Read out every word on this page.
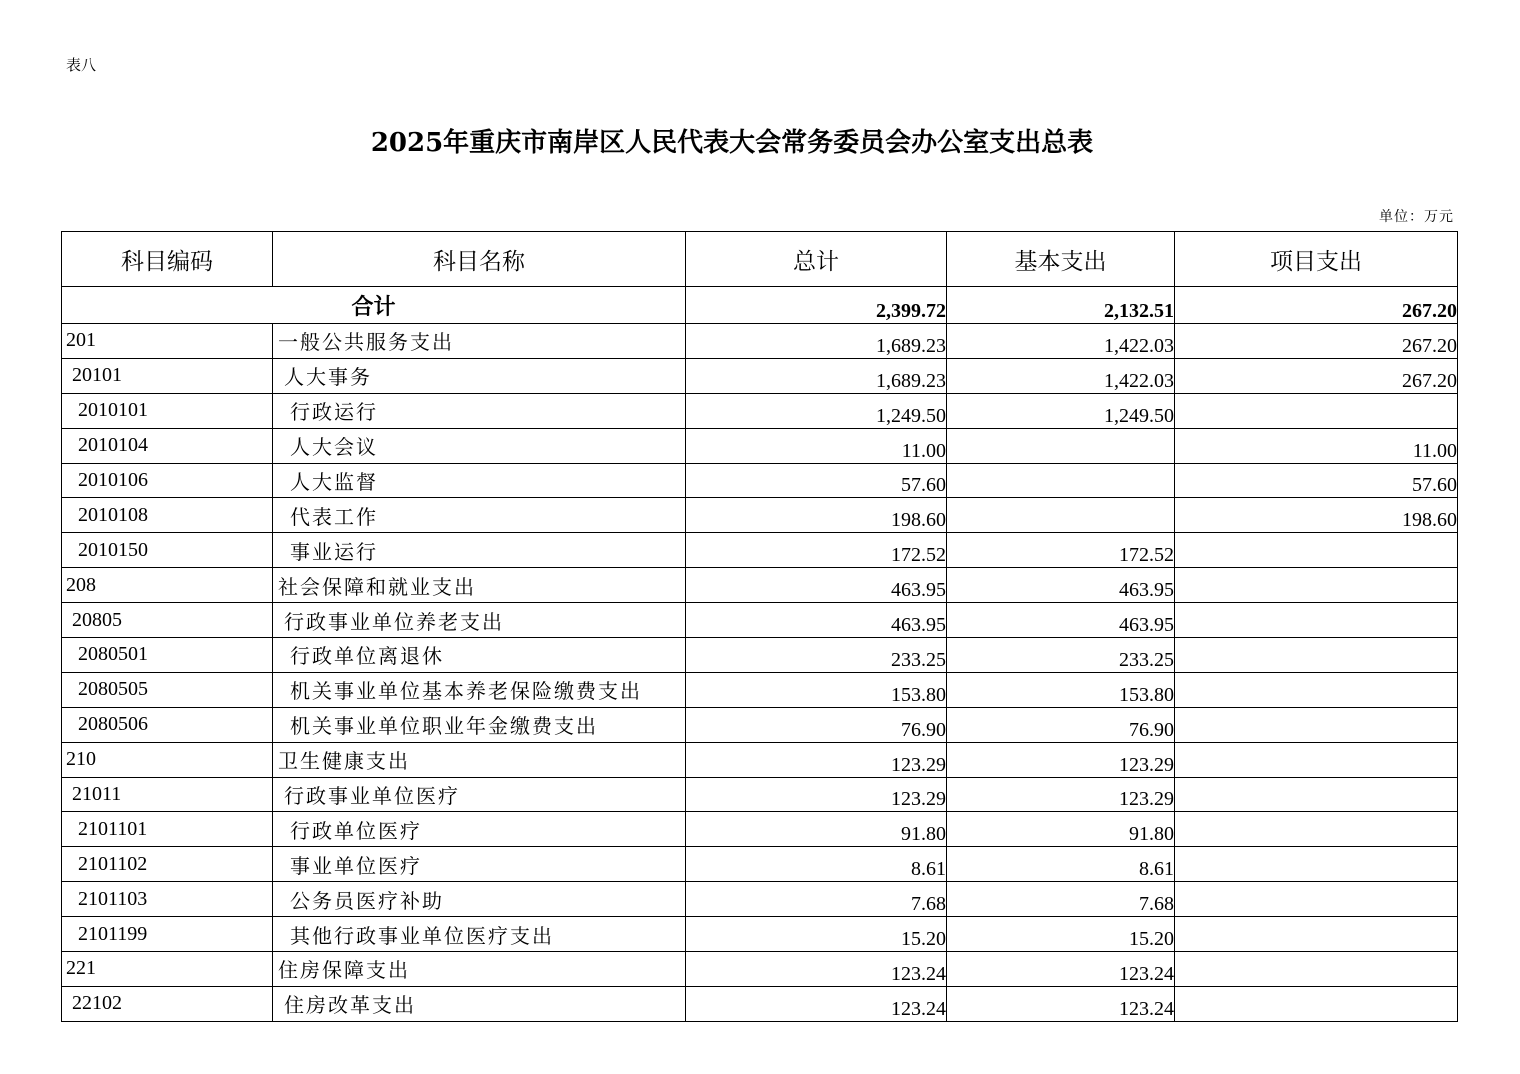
表八
2025年重庆市南岸区人民代表大会常务委员会办公室支出总表
单位：万元
科目编码	科目名称	总计	基本支出	项目支出
合计		2,399.72	2,132.51	267.20
201	一般公共服务支出	1,689.23	1,422.03	267.20
20101	人大事务	1,689.23	1,422.03	267.20
2010101	行政运行	1,249.50	1,249.50	
2010104	人大会议	11.00		11.00
2010106	人大监督	57.60		57.60
2010108	代表工作	198.60		198.60
2010150	事业运行	172.52	172.52	
208	社会保障和就业支出	463.95	463.95	
20805	行政事业单位养老支出	463.95	463.95	
2080501	行政单位离退休	233.25	233.25	
2080505	机关事业单位基本养老保险缴费支出	153.80	153.80	
2080506	机关事业单位职业年金缴费支出	76.90	76.90	
210	卫生健康支出	123.29	123.29	
21011	行政事业单位医疗	123.29	123.29	
2101101	行政单位医疗	91.80	91.80	
2101102	事业单位医疗	8.61	8.61	
2101103	公务员医疗补助	7.68	7.68	
2101199	其他行政事业单位医疗支出	15.20	15.20	
221	住房保障支出	123.24	123.24	
22102	住房改革支出	123.24	123.24	
